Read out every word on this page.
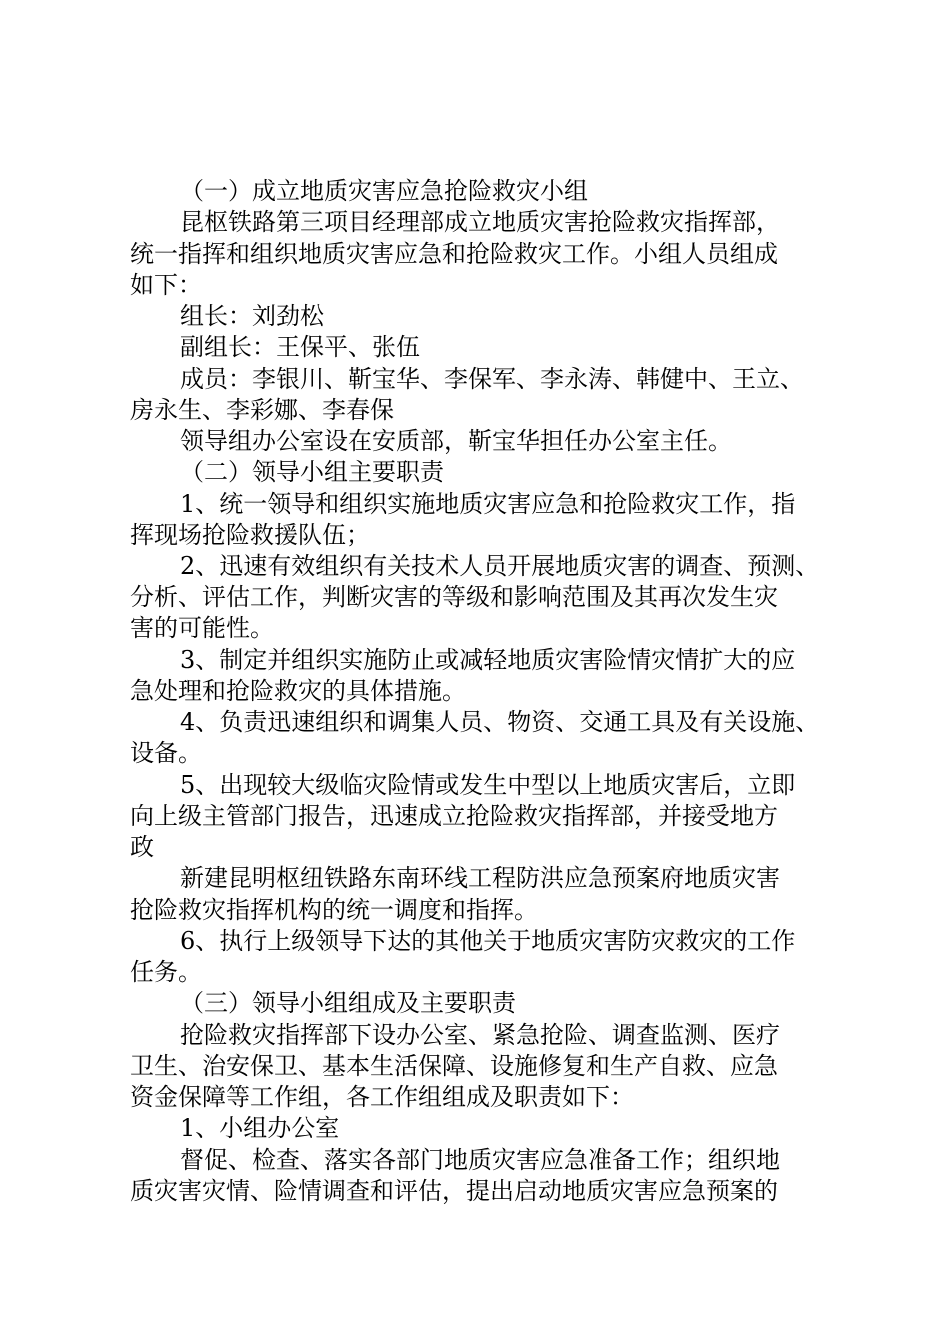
（一）成立地质灾害应急抢险救灾小组
昆枢铁路第三项目经理部成立地质灾害抢险救灾指挥部，
统一指挥和组织地质灾害应急和抢险救灾工作。小组人员组成
如下：
组长：刘劲松
副组长：王保平、张伍
成员：李银川、靳宝华、李保军、李永涛、韩健中、王立、
房永生、李彩娜、李春保
领导组办公室设在安质部，靳宝华担任办公室主任。
（二）领导小组主要职责
1、统一领导和组织实施地质灾害应急和抢险救灾工作，指
挥现场抢险救援队伍；
2、迅速有效组织有关技术人员开展地质灾害的调查、预测、
分析、评估工作，判断灾害的等级和影响范围及其再次发生灾
害的可能性。
3、制定并组织实施防止或减轻地质灾害险情灾情扩大的应
急处理和抢险救灾的具体措施。
4、负责迅速组织和调集人员、物资、交通工具及有关设施、
设备。
5、出现较大级临灾险情或发生中型以上地质灾害后，立即
向上级主管部门报告，迅速成立抢险救灾指挥部，并接受地方
政
新建昆明枢纽铁路东南环线工程防洪应急预案府地质灾害
抢险救灾指挥机构的统一调度和指挥。
6、执行上级领导下达的其他关于地质灾害防灾救灾的工作
任务。
（三）领导小组组成及主要职责
抢险救灾指挥部下设办公室、紧急抢险、调查监测、医疗
卫生、治安保卫、基本生活保障、设施修复和生产自救、应急
资金保障等工作组，各工作组组成及职责如下：
1、小组办公室
督促、检查、落实各部门地质灾害应急准备工作；组织地
质灾害灾情、险情调查和评估，提出启动地质灾害应急预案的
